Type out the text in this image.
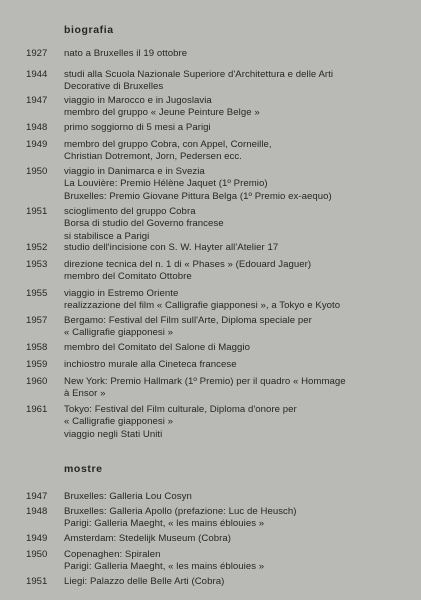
biografia
1927	nato a Bruxelles il 19 ottobre
1944	studi alla Scuola Nazionale Superiore d'Architettura e delle Arti
Decorative di Bruxelles
1947	viaggio in Marocco e in Jugoslavia
membro del gruppo « Jeune Peinture Belge »
1948	primo soggiorno di 5 mesi a Parigi
1949	membro del gruppo Cobra, con Appel, Corneille,
Christian Dotremont, Jorn, Pedersen ecc.
1950	viaggio in Danimarca e in Svezia
La Louvière: Premio Hélène Jaquet (1º Premio)
Bruxelles: Premio Giovane Pittura Belga (1º Premio ex-aequo)
1951	scioglimento del gruppo Cobra
Borsa di studio del Governo francese
si stabilisce a Parigi
1952	studio dell'incisione con S. W. Hayter all'Atelier 17
1953	direzione tecnica del n. 1 di « Phases » (Edouard Jaguer)
membro del Comitato Ottobre
1955	viaggio in Estremo Oriente
realizzazione del film « Calligrafie giapponesi », a Tokyo e Kyoto
1957	Bergamo: Festival del Film sull'Arte, Diploma speciale per
« Calligrafie giapponesi »
1958	membro del Comitato del Salone di Maggio
1959	inchiostro murale alla Cineteca francese
1960	New York: Premio Hallmark (1º Premio) per il quadro « Hommage
à Ensor »
1961	Tokyo: Festival del Film culturale, Diploma d'onore per
« Calligrafie giapponesi »
viaggio negli Stati Uniti
mostre
1947	Bruxelles: Galleria Lou Cosyn
1948	Bruxelles: Galleria Apollo (prefazione: Luc de Heusch)
Parigi: Galleria Maeght, « les mains éblouies »
1949	Amsterdam: Stedelijk Museum (Cobra)
1950	Copenaghen: Spiralen
Parigi: Galleria Maeght, « les mains éblouies »
1951	Liegi: Palazzo delle Belle Arti (Cobra)
